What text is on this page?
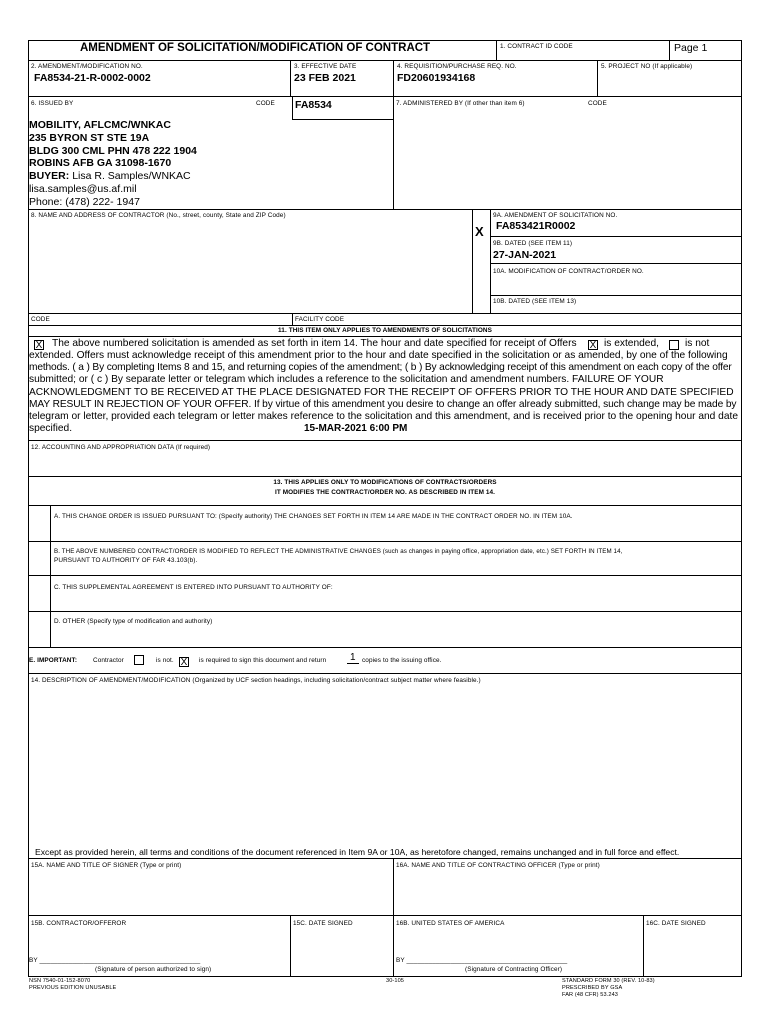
AMENDMENT OF SOLICITATION/MODIFICATION OF CONTRACT	1. CONTRACT ID CODE	Page 1
2. AMENDMENT/MODIFICATION NO.
FA8534-21-R-0002-0002
3. EFFECTIVE DATE
23 FEB 2021
4. REQUISITION/PURCHASE REQ. NO.
FD20601934168
5. PROJECT NO (If applicable)
6. ISSUED BY	CODE FA8534	7. ADMINISTERED BY (If other than item 6)	CODE
MOBILITY, AFLCMC/WNKAC
235 BYRON ST STE 19A
BLDG 300 CML PHN 478 222 1904
ROBINS AFB GA 31098-1670
BUYER: Lisa R. Samples/WNKAC
lisa.samples@us.af.mil
Phone: (478) 222- 1947
8. NAME AND ADDRESS OF CONTRACTOR (No., street, county, State and ZIP Code)
X
9A. AMENDMENT OF SOLICITATION NO.
FA853421R0002
9B. DATED (SEE ITEM 11)
27-JAN-2021
10A. MODIFICATION OF CONTRACT/ORDER NO.
10B. DATED (SEE ITEM 13)
CODE	FACILITY CODE
11. THIS ITEM ONLY APPLIES TO AMENDMENTS OF SOLICITATIONS
X The above numbered solicitation is amended as set forth in item 14. The hour and date specified for receipt of Offers X is extended,	is not
extended. Offers must acknowledge receipt of this amendment prior to the hour and date specified in the solicitation or as amended, by one of the following
methods. ( a ) By completing Items 8 and 15, and returning copies of the amendment; ( b ) By acknowledging receipt of this amendment on each copy of the offer
submitted; or ( c ) By separate letter or telegram which includes a reference to the solicitation and amendment numbers. FAILURE OF YOUR
ACKNOWLEDGMENT TO BE RECEIVED AT THE PLACE DESIGNATED FOR THE RECEIPT OF OFFERS PRIOR TO THE HOUR AND DATE SPECIFIED
MAY RESULT IN REJECTION OF YOUR OFFER. If by virtue of this amendment you desire to change an offer already submitted, such change may be made by
telegram or letter, provided each telegram or letter makes reference to the solicitation and this amendment, and is received prior to the opening hour and date
specified.	15-MAR-2021 6:00 PM
12. ACCOUNTING AND APPROPRIATION DATA (If required)
13. THIS APPLIES ONLY TO MODIFICATIONS OF CONTRACTS/ORDERS
IT MODIFIES THE CONTRACT/ORDER NO. AS DESCRIBED IN ITEM 14.
A. THIS CHANGE ORDER IS ISSUED PURSUANT TO: (Specify authority) THE CHANGES SET FORTH IN ITEM 14 ARE MADE IN THE CONTRACT ORDER NO. IN ITEM 10A.
B. THE ABOVE NUMBERED CONTRACT/ORDER IS MODIFIED TO REFLECT THE ADMINISTRATIVE CHANGES (such as changes in paying office, appropriation date, etc.) SET FORTH IN ITEM 14,
PURSUANT TO AUTHORITY OF FAR 43.103(b).
C. THIS SUPPLEMENTAL AGREEMENT IS ENTERED INTO PURSUANT TO AUTHORITY OF:
D. OTHER (Specify type of modification and authority)
E. IMPORTANT: Contractor	is not. X is required to sign this document and return	1	copies to the issuing office.
14. DESCRIPTION OF AMENDMENT/MODIFICATION (Organized by UCF section headings, including solicitation/contract subject matter where feasible.)
Except as provided herein, all terms and conditions of the document referenced in Item 9A or 10A, as heretofore changed, remains unchanged and in full force and effect.
15A. NAME AND TITLE OF SIGNER (Type or print)	16A. NAME AND TITLE OF CONTRACTING OFFICER (Type or print)
15B. CONTRACTOR/OFFEROR	15C. DATE SIGNED	16B. UNITED STATES OF AMERICA	16C. DATE SIGNED
BY ____________________________________________
(Signature of person authorized to sign)
BY ____________________________________________
(Signature of Contracting Officer)
NSN 7540-01-152-8070
PREVIOUS EDITION UNUSABLE
30-105	STANDARD FORM 30 (REV. 10-83)
PRESCRIBED BY GSA
FAR (48 CFR) 53.243
